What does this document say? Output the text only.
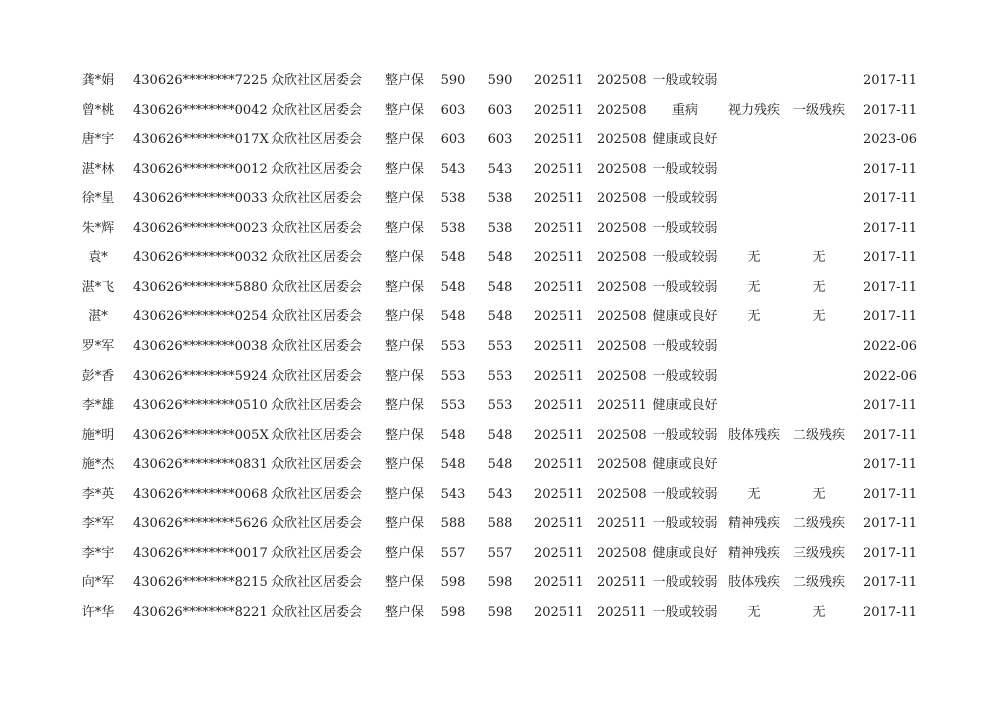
龚*娟	430626********7225 众欣社区居委会	整户保	590 590 202511 202508 一般或较弱	2017-11
曾*桃	430626********0042 众欣社区居委会	整户保	603 603 202511 202508	重病	视力残疾 一级残疾 2017-11
唐*宇	430626********017X 众欣社区居委会	整户保	603 603 202511 202508 健康或良好	2023-06
湛*林	430626********0012 众欣社区居委会	整户保	543 543 202511 202508 一般或较弱	2017-11
徐*星	430626********0033 众欣社区居委会	整户保	538 538 202511 202508 一般或较弱	2017-11
朱*辉	430626********0023 众欣社区居委会	整户保	538 538 202511 202508 一般或较弱	2017-11
袁*	430626********0032 众欣社区居委会	整户保	548 548 202511 202508 一般或较弱	无	无	2017-11
湛*飞	430626********5880 众欣社区居委会	整户保	548 548 202511 202508 一般或较弱	无	无	2017-11
湛*	430626********0254 众欣社区居委会	整户保	548 548 202511 202508 健康或良好	无	无	2017-11
罗*军	430626********0038 众欣社区居委会	整户保	553 553 202511 202508 一般或较弱	2022-06
彭*香	430626********5924 众欣社区居委会	整户保	553 553 202511 202508 一般或较弱	2022-06
李*雄	430626********0510 众欣社区居委会	整户保	553 553 202511 202511 健康或良好	2017-11
施*明	430626********005X 众欣社区居委会	整户保	548 548 202511 202508 一般或较弱 肢体残疾 二级残疾 2017-11
施*杰	430626********0831 众欣社区居委会	整户保	548 548 202511 202508 健康或良好	2017-11
李*英	430626********0068 众欣社区居委会	整户保	543 543 202511 202508 一般或较弱	无	无	2017-11
李*军	430626********5626 众欣社区居委会	整户保	588 588 202511 202511 一般或较弱 精神残疾 二级残疾 2017-11
李*宇	430626********0017 众欣社区居委会	整户保	557 557 202511 202508 健康或良好 精神残疾 三级残疾 2017-11
向*军	430626********8215 众欣社区居委会	整户保	598 598 202511 202511 一般或较弱 肢体残疾 二级残疾 2017-11
许*华	430626********8221 众欣社区居委会	整户保	598 598 202511 202511 一般或较弱	无	无	2017-11
